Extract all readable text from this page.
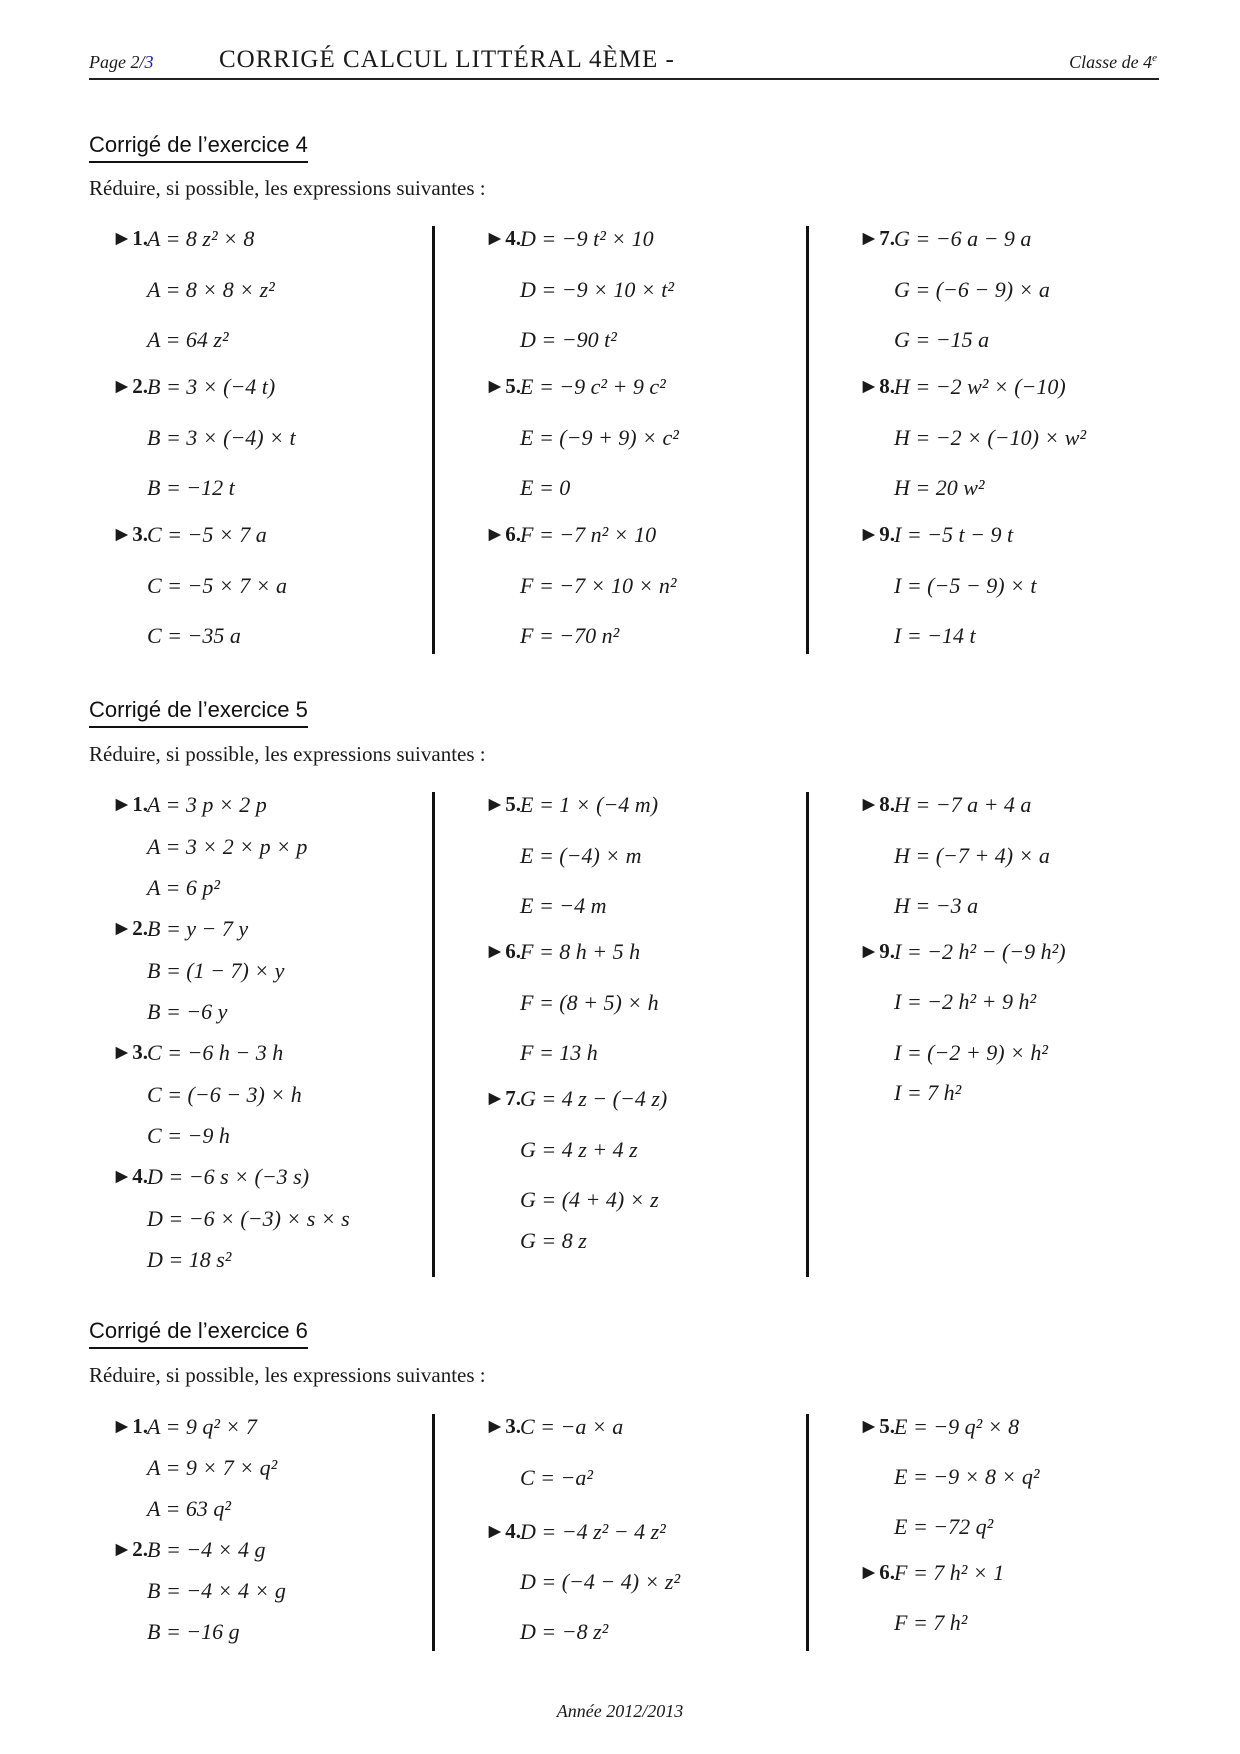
Page 2/3	CORRIGÉ CALCUL LITTÉRAL 4ÈME -	Classe de 4e
Corrigé de l’exercice 4
Réduire, si possible, les expressions suivantes :
►1. A = 8 z² × 8
A = 8 × 8 × z²
A = 64 z²
►2. B = 3 × (−4 t)
B = 3 × (−4) × t
B = −12 t
►3. C = −5 × 7 a
C = −5 × 7 × a
C = −35 a
►4. D = −9 t² × 10
D = −9 × 10 × t²
D = −90 t²
►5. E = −9 c² + 9 c²
E = (−9 + 9) × c²
E = 0
►6. F = −7 n² × 10
F = −7 × 10 × n²
F = −70 n²
►7. G = −6 a − 9 a
G = (−6 − 9) × a
G = −15 a
►8. H = −2 w² × (−10)
H = −2 × (−10) × w²
H = 20 w²
►9. I = −5 t − 9 t
I = (−5 − 9) × t
I = −14 t
Corrigé de l’exercice 5
Réduire, si possible, les expressions suivantes :
►1. A = 3 p × 2 p
A = 3 × 2 × p × p
A = 6 p²
►2. B = y − 7 y
B = (1 − 7) × y
B = −6 y
►3. C = −6 h − 3 h
C = (−6 − 3) × h
C = −9 h
►4. D = −6 s × (−3 s)
D = −6 × (−3) × s × s
D = 18 s²
►5. E = 1 × (−4 m)
E = (−4) × m
E = −4 m
►6. F = 8 h + 5 h
F = (8 + 5) × h
F = 13 h
►7. G = 4 z − (−4 z)
G = 4 z + 4 z
G = (4 + 4) × z
G = 8 z
►8. H = −7 a + 4 a
H = (−7 + 4) × a
H = −3 a
►9. I = −2 h² − (−9 h²)
I = −2 h² + 9 h²
I = (−2 + 9) × h²
I = 7 h²
Corrigé de l’exercice 6
Réduire, si possible, les expressions suivantes :
►1. A = 9 q² × 7
A = 9 × 7 × q²
A = 63 q²
►2. B = −4 × 4 g
B = −4 × 4 × g
B = −16 g
►3. C = −a × a
C = −a²
►4. D = −4 z² − 4 z²
D = (−4 − 4) × z²
D = −8 z²
►5. E = −9 q² × 8
E = −9 × 8 × q²
E = −72 q²
►6. F = 7 h² × 1
F = 7 h²
Année 2012/2013
